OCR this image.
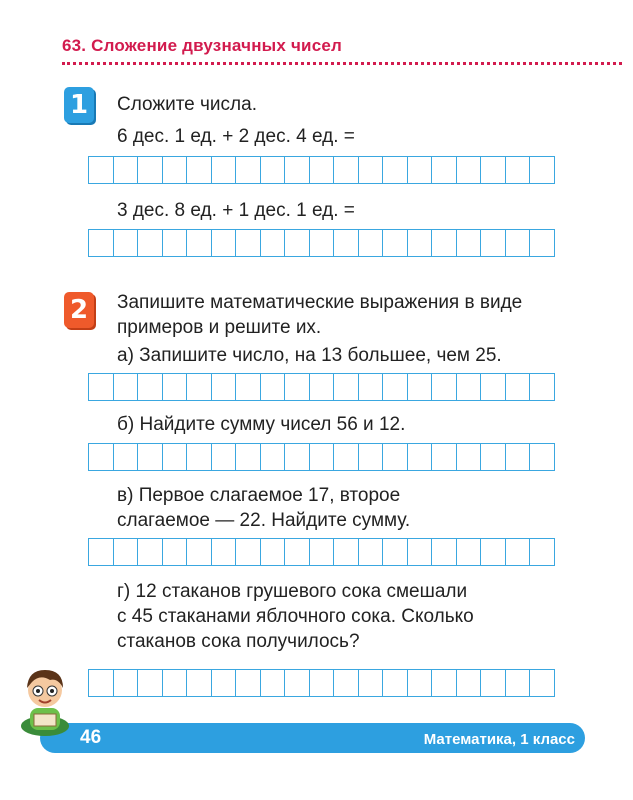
63. Сложение двузначных чисел
1	Сложите числа.
6 дес. 1 ед. + 2 дес. 4 ед. =
3 дес. 8 ед. + 1 дес. 1 ед. =
2	Запишите математические выражения в виде
примеров и решите их.
а) Запишите число, на 13 большее, чем 25.
б) Найдите сумму чисел 56 и 12.
в) Первое слагаемое 17, второе
слагаемое — 22. Найдите сумму.
г) 12 стаканов грушевого сока смешали
с 45 стаканами яблочного сока. Сколько
стаканов сока получилось?
46	Математика, 1 класс
